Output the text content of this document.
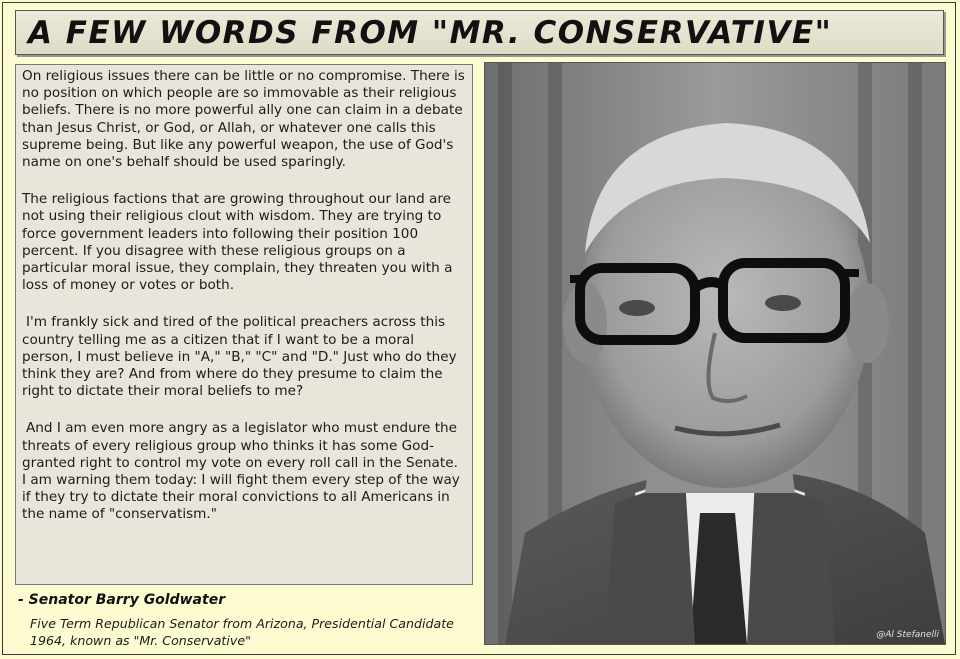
A FEW WORDS FROM "MR. CONSERVATIVE"

On religious issues there can be little or no compromise. There is no position on which people are so immovable as their religious beliefs. There is no more powerful ally one can claim in a debate than Jesus Christ, or God, or Allah, or whatever one calls this supreme being. But like any powerful weapon, the use of God's name on one's behalf should be used sparingly.

The religious factions that are growing throughout our land are not using their religious clout with wisdom. They are trying to force government leaders into following their position 100 percent. If you disagree with these religious groups on a particular moral issue, they complain, they threaten you with a loss of money or votes or both.

I'm frankly sick and tired of the political preachers across this country telling me as a citizen that if I want to be a moral person, I must believe in "A," "B," "C" and "D." Just who do they think they are? And from where do they presume to claim the right to dictate their moral beliefs to me?

And I am even more angry as a legislator who must endure the threats of every religious group who thinks it has some God-granted right to control my vote on every roll call in the Senate. I am warning them today: I will fight them every step of the way if they try to dictate their moral convictions to all Americans in the name of "conservatism."

- Senator Barry Goldwater
Five Term Republican Senator from Arizona, Presidential Candidate 1964, known as "Mr. Conservative"	@Al Stefanelli
